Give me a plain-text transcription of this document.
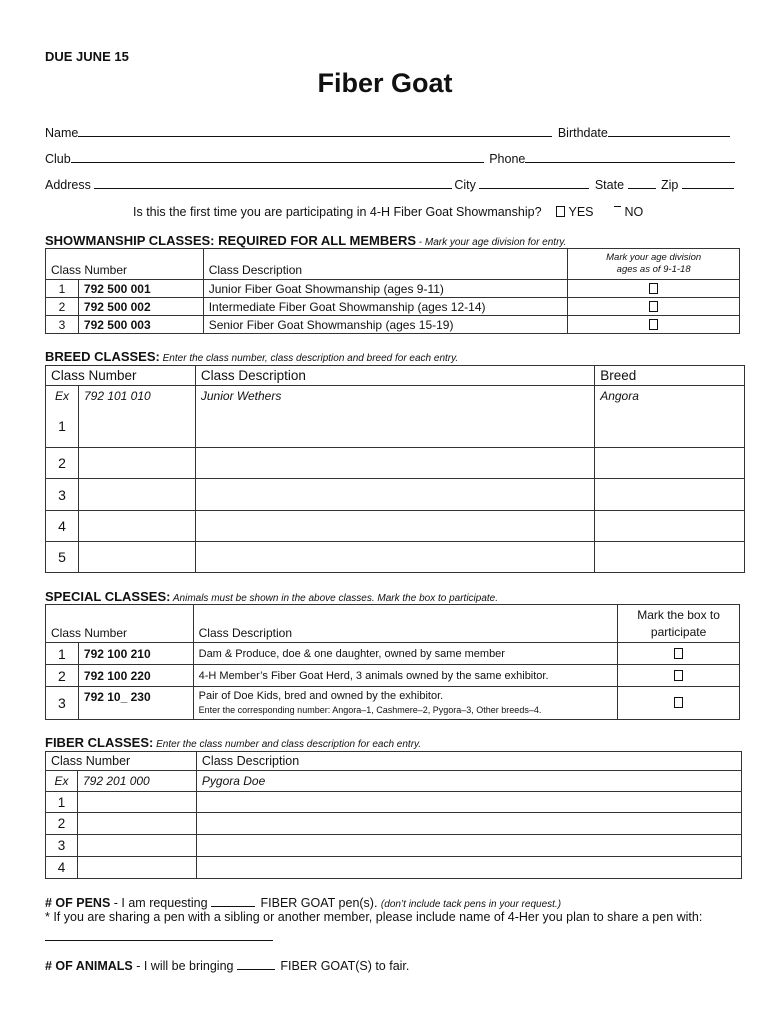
DUE JUNE 15
Fiber Goat
Name	Birthdate
Club	Phone
Address	City	State	Zip
Is this the first time you are participating in 4-H Fiber Goat Showmanship? YES NO
SHOWMANSHIP CLASSES: REQUIRED FOR ALL MEMBERS - Mark your age division for entry.
Class Number		Class Description	Mark your age division
ages as of 9-1-18

1	792 500 001	Junior Fiber Goat Showmanship (ages 9-11)	
2	792 500 002	Intermediate Fiber Goat Showmanship (ages 12-14)	
3	792 500 003	Senior Fiber Goat Showmanship (ages 15-19)	
BREED CLASSES: Enter the class number, class description and breed for each entry.
Class Number		Class Description	Breed
Ex	792 101 010	Junior Wethers	Angora
1			
2			
3			
4			
5			
SPECIAL CLASSES: Animals must be shown in the above classes. Mark the box to participate.
Class Number		Class Description	Mark the box to
participate

1	792 100 210	Dam & Produce, doe & one daughter, owned by same member	
2	792 100 220	4-H Member’s Fiber Goat Herd, 3 animals owned by the same exhibitor.	
3	792 10_ 230	Pair of Doe Kids, bred and owned by the exhibitor.
Enter the corresponding number: Angora–1, Cashmere–2, Pygora–3, Other breeds–4.	

FIBER CLASSES: Enter the class number and class description for each entry.
Class Number		Class Description
Ex	792 201 000	Pygora Doe
1		
2		
3		
4		
# OF PENS - I am requesting	FIBER GOAT pen(s). (don’t include tack pens in your request.)
* If you are sharing a pen with a sibling or another member, please include name of 4-Her you plan to share a pen with:
# OF ANIMALS - I will be bringing	FIBER GOAT(S) to fair.
